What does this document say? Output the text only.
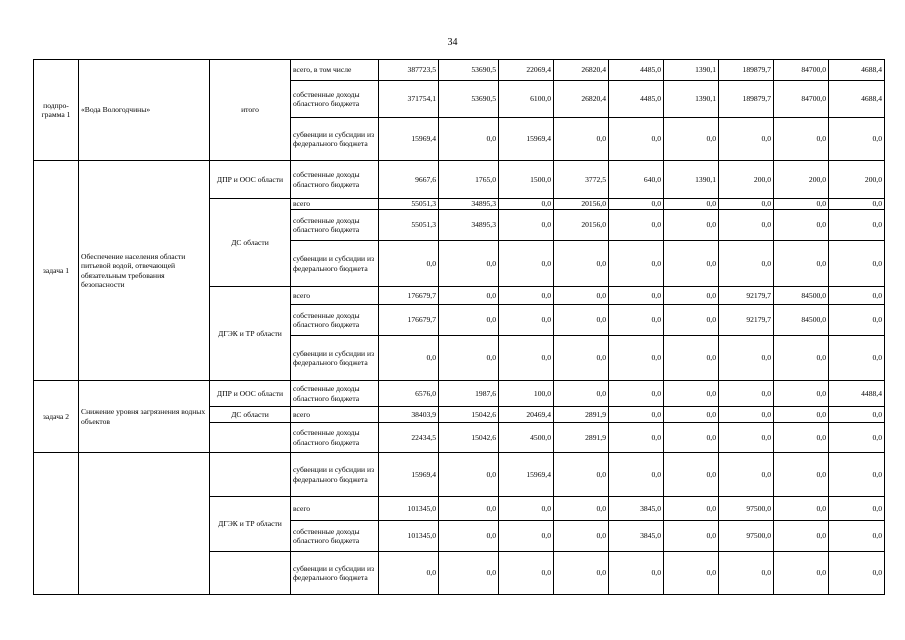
34
подпро-
грамма 1	«Вода Вологодчины»	итого	всего, в том числе	387723,5	53690,5	22069,4	26820,4	4485,0	1390,1	189879,7	84700,0	4688,4
			собственные доходы областного бюджета	371754,1	53690,5	6100,0	26820,4	4485,0	1390,1	189879,7	84700,0	4688,4
			субвенции и субсидии из федерального бюджета	15969,4	0,0	15969,4	0,0	0,0	0,0	0,0	0,0	0,0
задача 1	Обеспечение населения области питьевой водой, отвечающей обязательным требования безопасности	ДПР и ООС области	собственные доходы областного бюджета	9667,6	1765,0	1500,0	3772,5	640,0	1390,1	200,0	200,0	200,0
		ДС области	всего	55051,3	34895,3	0,0	20156,0	0,0	0,0	0,0	0,0	0,0
			собственные доходы областного бюджета	55051,3	34895,3	0,0	20156,0	0,0	0,0	0,0	0,0	0,0
			субвенции и субсидии из федерального бюджета	0,0	0,0	0,0	0,0	0,0	0,0	0,0	0,0	0,0
		ДГЭК и ТР области	всего	176679,7	0,0	0,0	0,0	0,0	0,0	92179,7	84500,0	0,0
			собственные доходы областного бюджета	176679,7	0,0	0,0	0,0	0,0	0,0	92179,7	84500,0	0,0
			субвенции и субсидии из федерального бюджета	0,0	0,0	0,0	0,0	0,0	0,0	0,0	0,0	0,0
задача 2	Снижение уровня загрязнения водных объектов	ДПР и ООС области	собственные доходы областного бюджета	6576,0	1987,6	100,0	0,0	0,0	0,0	0,0	0,0	4488,4
		ДС области	всего	38403,9	15042,6	20469,4	2891,9	0,0	0,0	0,0	0,0	0,0
			собственные доходы областного бюджета	22434,5	15042,6	4500,0	2891,9	0,0	0,0	0,0	0,0	0,0
			субвенции и субсидии из федерального бюджета	15969,4	0,0	15969,4	0,0	0,0	0,0	0,0	0,0	0,0
		ДГЭК и ТР области	всего	101345,0	0,0	0,0	0,0	3845,0	0,0	97500,0	0,0	0,0
			собственные доходы областного бюджета	101345,0	0,0	0,0	0,0	3845,0	0,0	97500,0	0,0	0,0
			субвенции и субсидии из федерального бюджета	0,0	0,0	0,0	0,0	0,0	0,0	0,0	0,0	0,0
